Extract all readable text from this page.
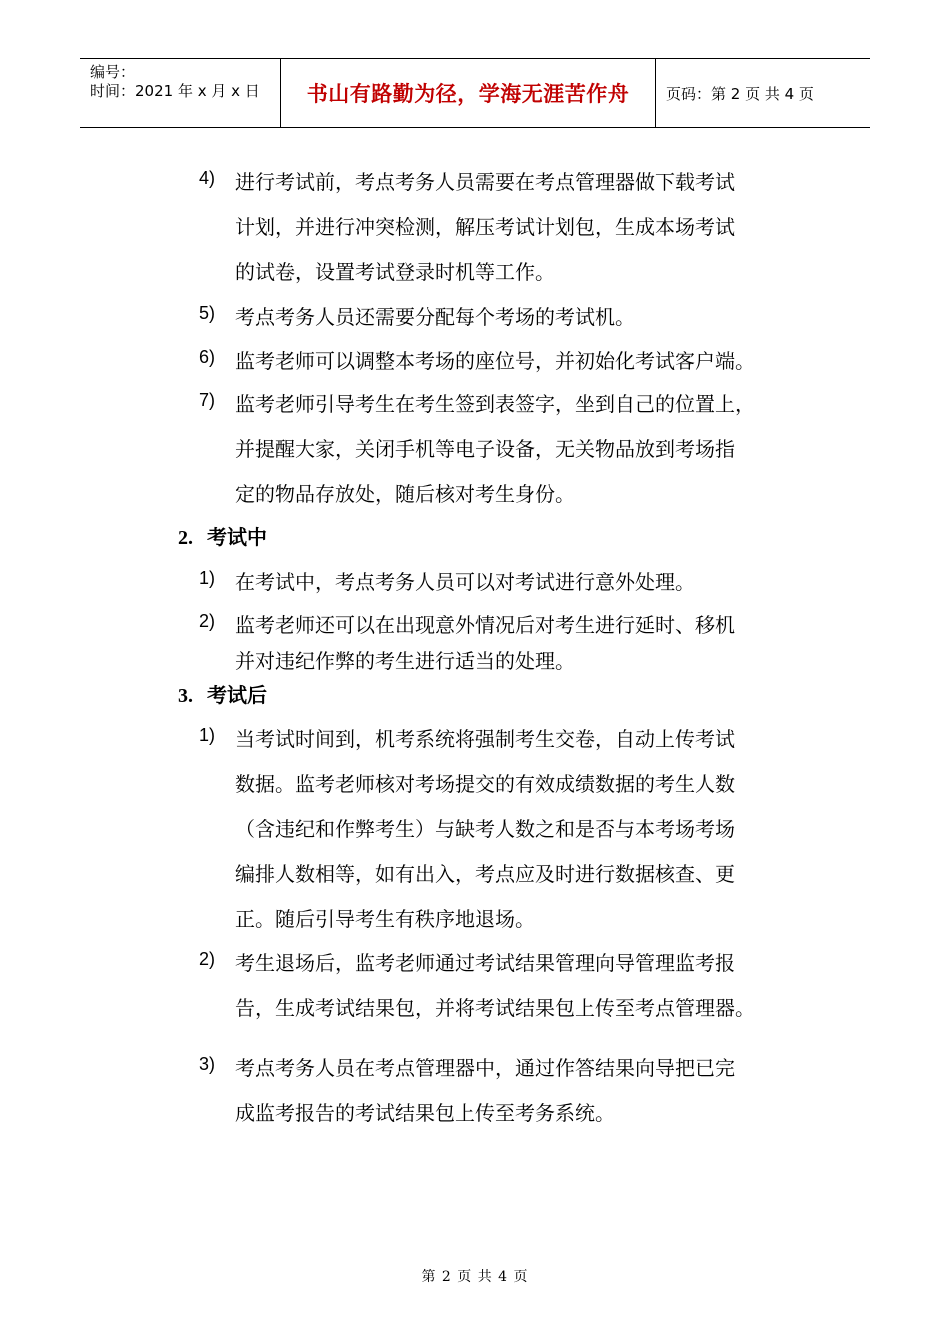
编号：
时间：2021 年 x 月 x 日	书山有路勤为径，学海无涯苦作舟 页码：第 2 页 共 4 页
4) 进行考试前，考点考务人员需要在考点管理器做下载考试
计划，并进行冲突检测，解压考试计划包，生成本场考试
的试卷，设置考试登录时机等工作。
5) 考点考务人员还需要分配每个考场的考试机。
6) 监考老师可以调整本考场的座位号，并初始化考试客户端。
7) 监考老师引导考生在考生签到表签字，坐到自己的位置上，
并提醒大家，关闭手机等电子设备，无关物品放到考场指
定的物品存放处，随后核对考生身份。
2. 考试中
1) 在考试中，考点考务人员可以对考试进行意外处理。
2) 监考老师还可以在出现意外情况后对考生进行延时、移机
并对违纪作弊的考生进行适当的处理。
3. 考试后
1) 当考试时间到，机考系统将强制考生交卷，自动上传考试
数据。监考老师核对考场提交的有效成绩数据的考生人数
（含违纪和作弊考生）与缺考人数之和是否与本考场考场
编排人数相等，如有出入，考点应及时进行数据核查、更
正。随后引导考生有秩序地退场。
2) 考生退场后，监考老师通过考试结果管理向导管理监考报
告，生成考试结果包，并将考试结果包上传至考点管理器。
3) 考点考务人员在考点管理器中，通过作答结果向导把已完
成监考报告的考试结果包上传至考务系统。
第 2 页 共 4 页
